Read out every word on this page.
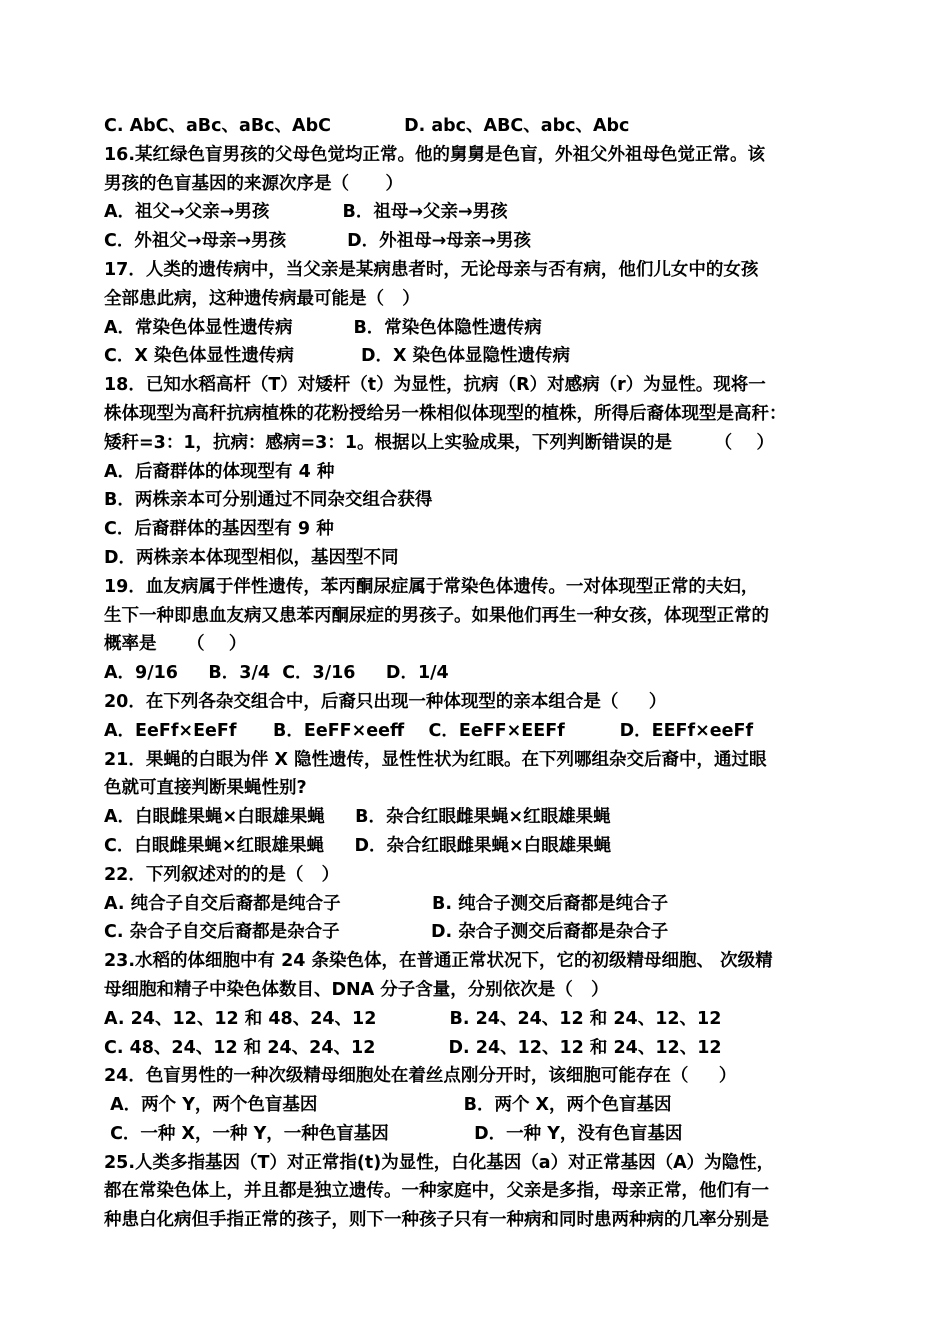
C. AbC、aBc、aBc、AbC            D. abc、ABC、abc、Abc
16.某红绿色盲男孩的父母色觉均正常。他的舅舅是色盲，外祖父外祖母色觉正常。该
男孩的色盲基因的来源次序是（      ）
A．祖父→父亲→男孩            B．祖母→父亲→男孩
C．外祖父→母亲→男孩          D．外祖母→母亲→男孩
17．人类的遗传病中，当父亲是某病患者时，无论母亲与否有病，他们儿女中的女孩
全部患此病，这种遗传病最可能是（   ）
A．常染色体显性遗传病          B．常染色体隐性遗传病
C．X 染色体显性遗传病           D．X 染色体显隐性遗传病
18．已知水稻高杆（T）对矮杆（t）为显性，抗病（R）对感病（r）为显性。现将一
株体现型为高秆抗病植株的花粉授给另一株相似体现型的植株，所得后裔体现型是高秆：
矮秆=3：1，抗病：感病=3：1。根据以上实验成果，下列判断错误的是       （    ）
A．后裔群体的体现型有 4 种
B．两株亲本可分别通过不同杂交组合获得
C．后裔群体的基因型有 9 种
D．两株亲本体现型相似，基因型不同
19．血友病属于伴性遗传，苯丙酮尿症属于常染色体遗传。一对体现型正常的夫妇，
生下一种即患血友病又患苯丙酮尿症的男孩子。如果他们再生一种女孩，体现型正常的
概率是     （    ）
A．9/16     B．3/4  C．3/16     D．1/4
20．在下列各杂交组合中，后裔只出现一种体现型的亲本组合是（     ）
A．EeFf×EeFf      B．EeFF×eeff    C．EeFF×EEFf         D．EEFf×eeFf
21．果蝇的白眼为伴 X 隐性遗传，显性性状为红眼。在下列哪组杂交后裔中，通过眼
色就可直接判断果蝇性别?
A．白眼雌果蝇×白眼雄果蝇     B．杂合红眼雌果蝇×红眼雄果蝇
C．白眼雌果蝇×红眼雄果蝇     D．杂合红眼雌果蝇×白眼雄果蝇
22．下列叙述对的的是（   ）
A. 纯合子自交后裔都是纯合子               B. 纯合子测交后裔都是纯合子
C. 杂合子自交后裔都是杂合子               D. 杂合子测交后裔都是杂合子
23.水稻的体细胞中有 24 条染色体，在普通正常状况下，它的初级精母细胞、 次级精
母细胞和精子中染色体数目、DNA 分子含量，分别依次是（   ）
A. 24、12、12 和 48、24、12            B. 24、24、12 和 24、12、12
C. 48、24、12 和 24、24、12            D. 24、12、12 和 24、12、12
24．色盲男性的一种次级精母细胞处在着丝点刚分开时，该细胞可能存在（     ）
A．两个 Y，两个色盲基因                        B．两个 X，两个色盲基因
C．一种 X，一种 Y，一种色盲基因              D．一种 Y，没有色盲基因
25.人类多指基因（T）对正常指(t)为显性，白化基因（a）对正常基因（A）为隐性，
都在常染色体上，并且都是独立遗传。一种家庭中，父亲是多指，母亲正常，他们有一
种患白化病但手指正常的孩子，则下一种孩子只有一种病和同时患两种病的几率分别是
